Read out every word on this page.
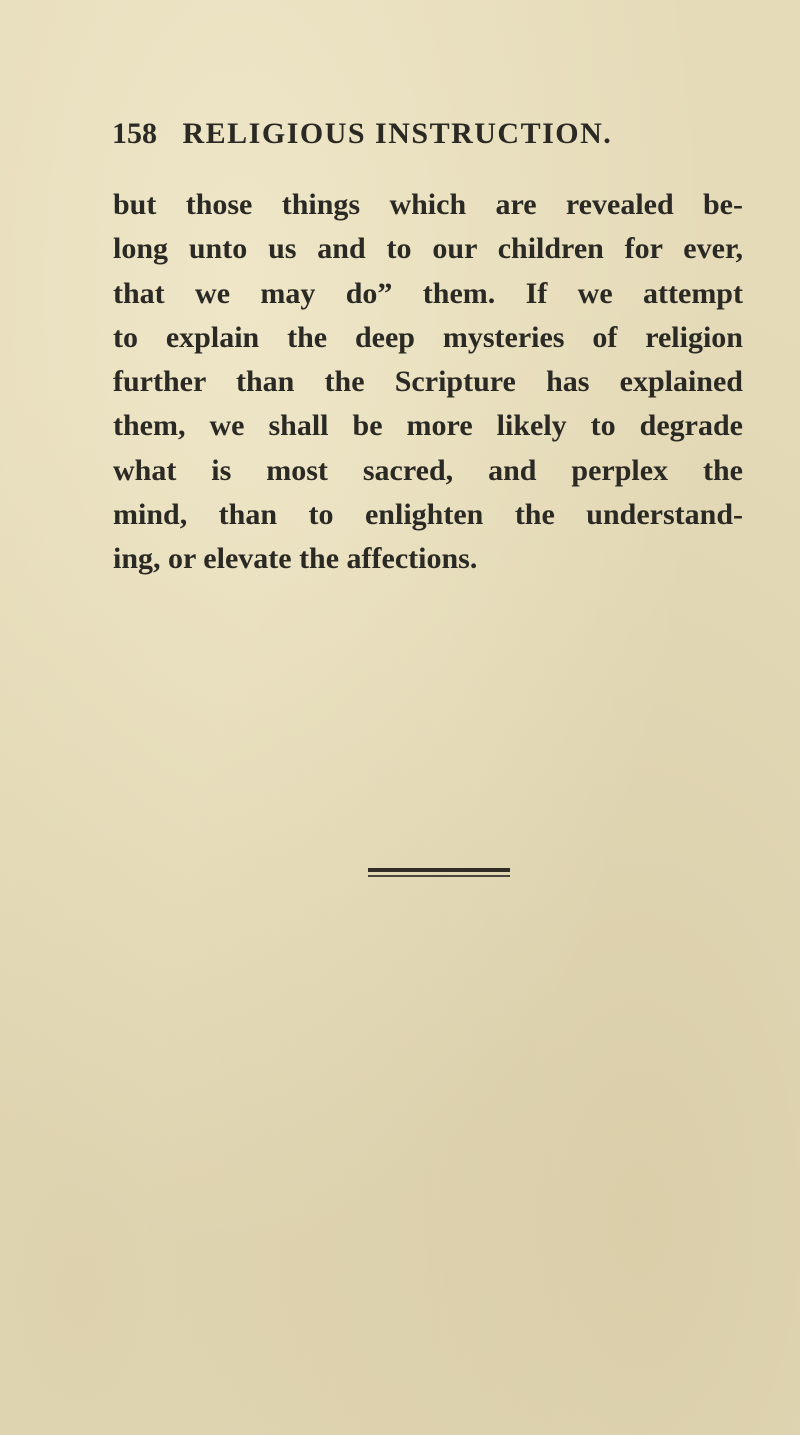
158 RELIGIOUS INSTRUCTION.
but those things which are revealed be-
long unto us and to our children for ever,
that we may do” them. If we attempt
to explain the deep mysteries of religion
further than the Scripture has explained
them, we shall be more likely to degrade
what is most sacred, and perplex the
mind, than to enlighten the understand-
ing, or elevate the affections.
